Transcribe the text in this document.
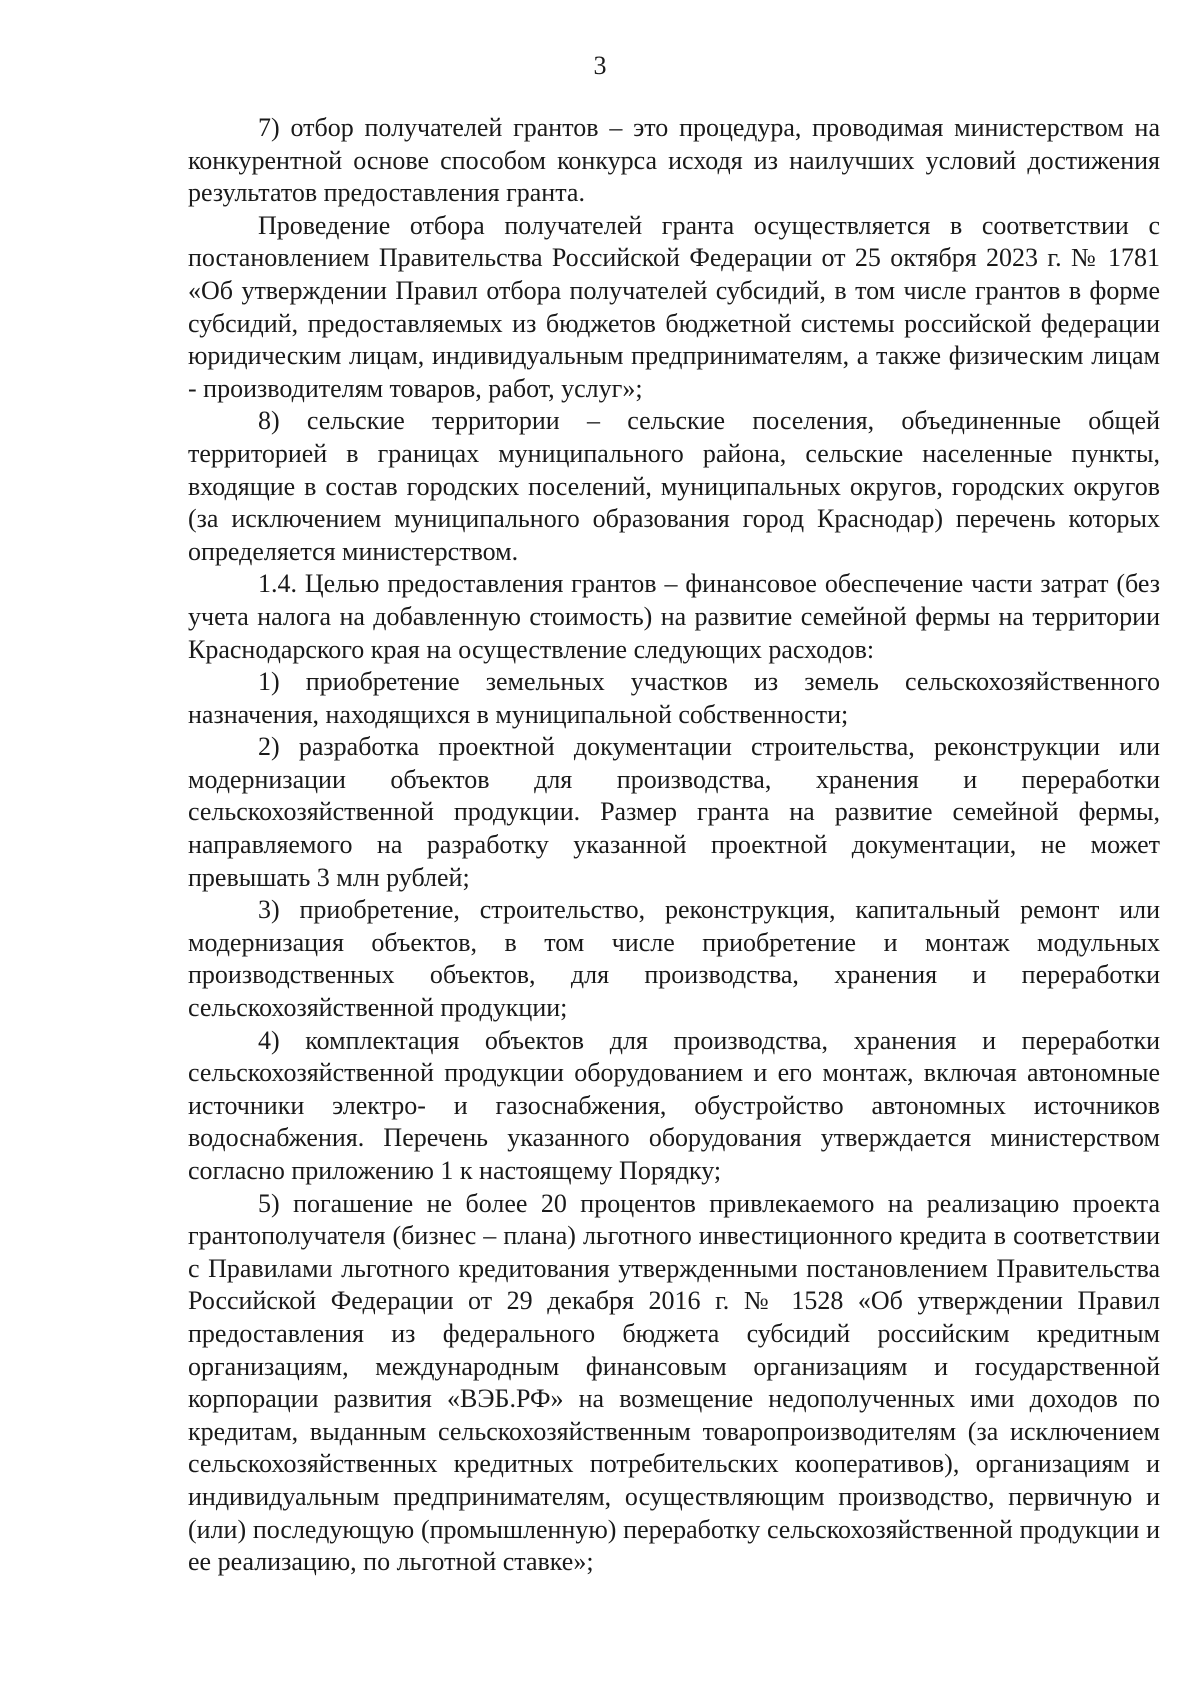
3

7) отбор получателей грантов – это процедура, проводимая министерством на конкурентной основе способом конкурса исходя из наилучших условий достижения результатов предоставления гранта.

Проведение отбора получателей гранта осуществляется в соответствии с постановлением Правительства Российской Федерации от 25 октября 2023 г. № 1781 «Об утверждении Правил отбора получателей субсидий, в том числе грантов в форме субсидий, предоставляемых из бюджетов бюджетной системы российской федерации юридическим лицам, индивидуальным предпринимателям, а также физическим лицам - производителям товаров, работ, услуг»;

8) сельские территории – сельские поселения, объединенные общей территорией в границах муниципального района, сельские населенные пункты, входящие в состав городских поселений, муниципальных округов, городских округов (за исключением муниципального образования город Краснодар) перечень которых определяется министерством.

1.4. Целью предоставления грантов – финансовое обеспечение части затрат (без учета налога на добавленную стоимость) на развитие семейной фермы на территории Краснодарского края на осуществление следующих расходов:

1) приобретение земельных участков из земель сельскохозяйственного назначения, находящихся в муниципальной собственности;

2) разработка проектной документации строительства, реконструкции или модернизации объектов для производства, хранения и переработки сельскохозяйственной продукции. Размер гранта на развитие семейной фермы, направляемого на разработку указанной проектной документации, не может превышать 3 млн рублей;

3) приобретение, строительство, реконструкция, капитальный ремонт или модернизация объектов, в том числе приобретение и монтаж модульных производственных объектов, для производства, хранения и переработки сельскохозяйственной продукции;

4) комплектация объектов для производства, хранения и переработки сельскохозяйственной продукции оборудованием и его монтаж, включая автономные источники электро- и газоснабжения, обустройство автономных источников водоснабжения. Перечень указанного оборудования утверждается министерством согласно приложению 1 к настоящему Порядку;

5) погашение не более 20 процентов привлекаемого на реализацию проекта грантополучателя (бизнес – плана) льготного инвестиционного кредита в соответствии с Правилами льготного кредитования утвержденными постановлением Правительства Российской Федерации от 29 декабря 2016 г. № 1528 «Об утверждении Правил предоставления из федерального бюджета субсидий российским кредитным организациям, международным финансовым организациям и государственной корпорации развития «ВЭБ.РФ» на возмещение недополученных ими доходов по кредитам, выданным сельскохозяйственным товаропроизводителям (за исключением сельскохозяйственных кредитных потребительских кооперативов), организациям и индивидуальным предпринимателям, осуществляющим производство, первичную и (или) последующую (промышленную) переработку сельскохозяйственной продукции и ее реализацию, по льготной ставке»;
